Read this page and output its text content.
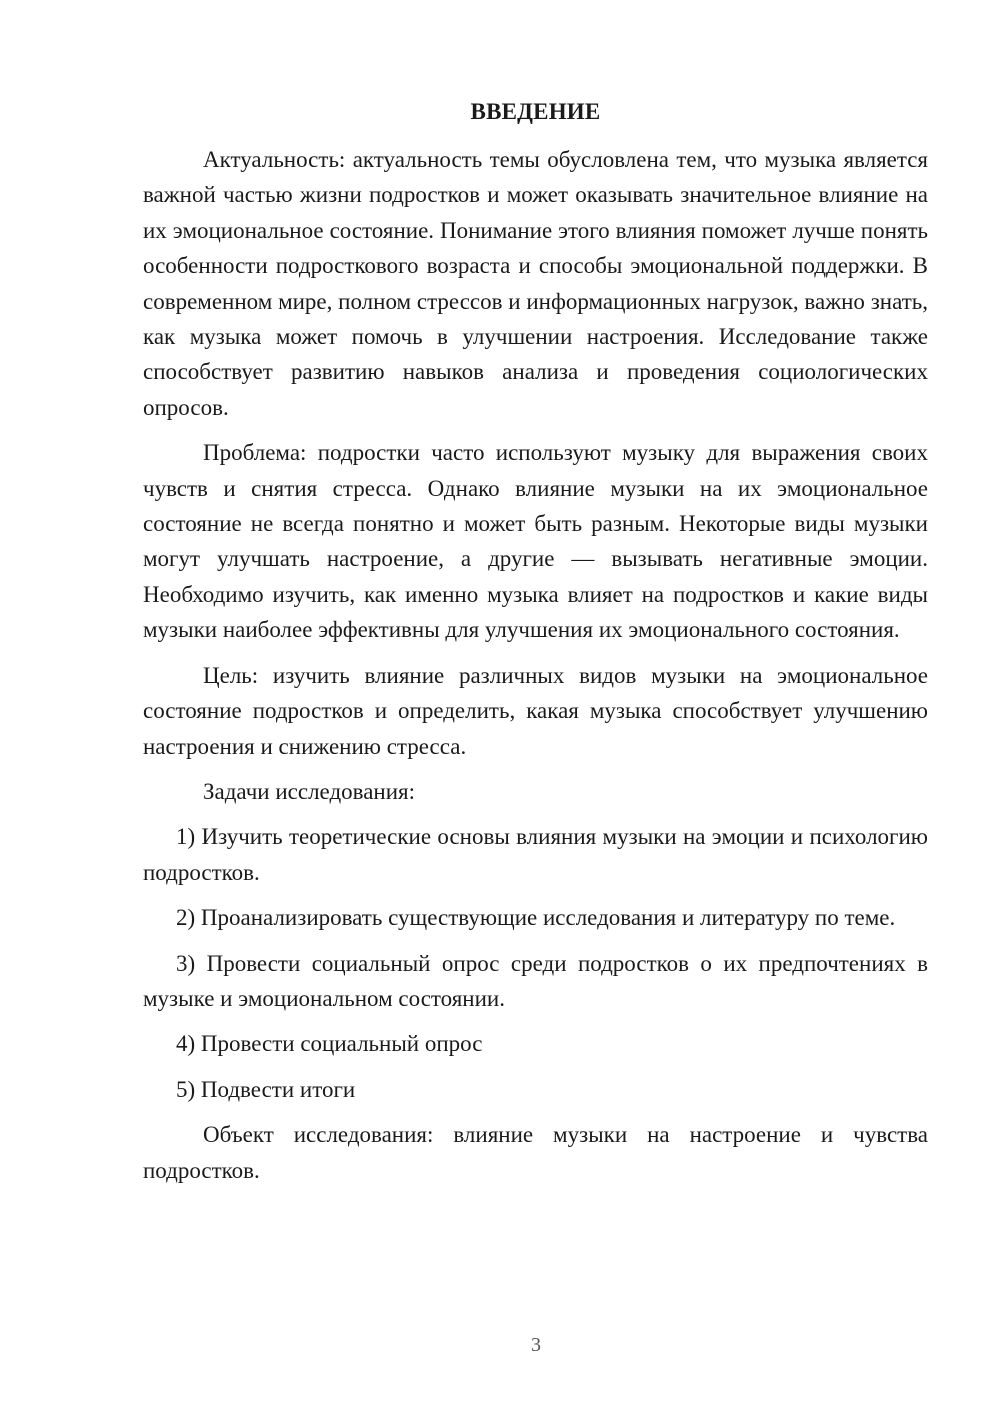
ВВЕДЕНИЕ

Актуальность: актуальность темы обусловлена тем, что музыка является важной частью жизни подростков и может оказывать значительное влияние на их эмоциональное состояние. Понимание этого влияния поможет лучше понять особенности подросткового возраста и способы эмоциональной поддержки. В современном мире, полном стрессов и информационных нагрузок, важно знать, как музыка может помочь в улучшении настроения. Исследование также способствует развитию навыков анализа и проведения социологических опросов.

Проблема: подростки часто используют музыку для выражения своих чувств и снятия стресса. Однако влияние музыки на их эмоциональное состояние не всегда понятно и может быть разным. Некоторые виды музыки могут улучшать настроение, а другие — вызывать негативные эмоции. Необходимо изучить, как именно музыка влияет на подростков и какие виды музыки наиболее эффективны для улучшения их эмоционального состояния.

Цель: изучить влияние различных видов музыки на эмоциональное состояние подростков и определить, какая музыка способствует улучшению настроения и снижению стресса.

Задачи исследования:

1) Изучить теоретические основы влияния музыки на эмоции и психологию подростков.

2) Проанализировать существующие исследования и литературу по теме.

3) Провести социальный опрос среди подростков о их предпочтениях в музыке и эмоциональном состоянии.

4) Провести социальный опрос

5) Подвести итоги

Объект исследования: влияние музыки на настроение и чувства подростков.

3
